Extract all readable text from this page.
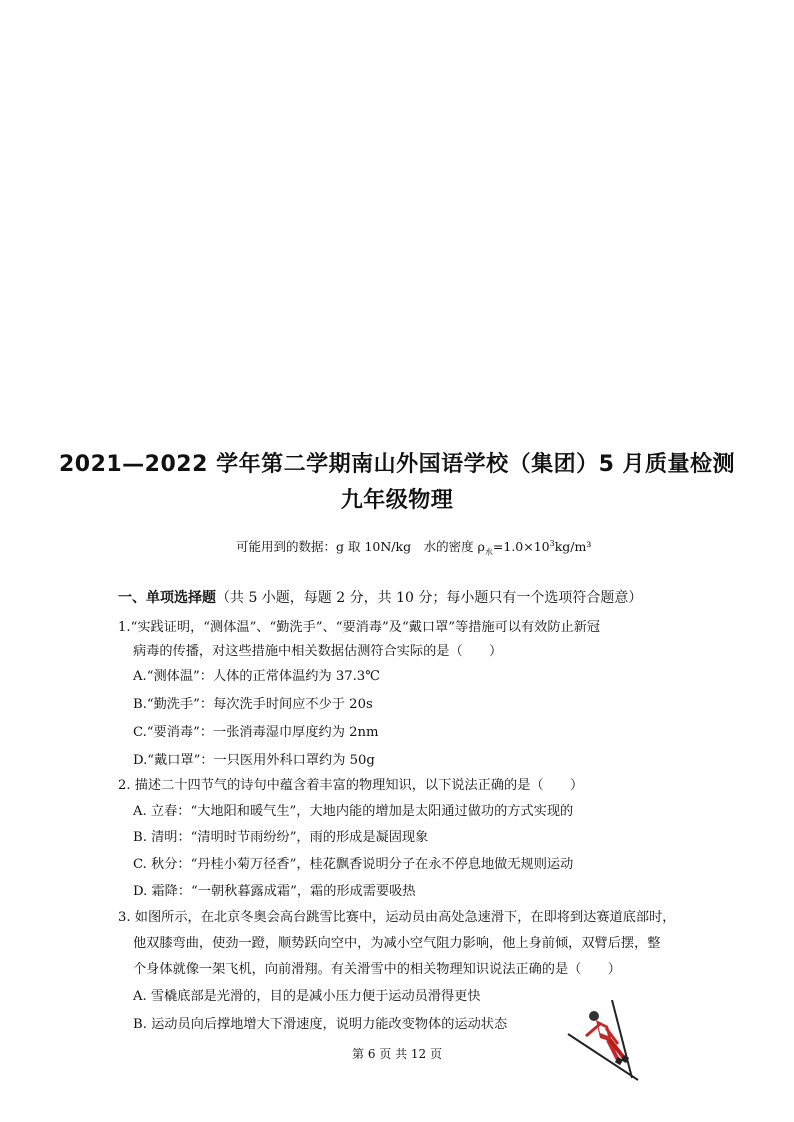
2021—2022 学年第二学期南山外国语学校（集团）5 月质量检测
九年级物理
可能用到的数据：g 取 10N/kg　水的密度 $\rho_水=1.0\times 10^3kg/m^3$
一、单项选择题（共 5 小题，每题 2 分，共 10 分；每小题只有一个选项符合题意）
1.“实践证明，“测体温”、“勤洗手”、“要消毒”及“戴口罩”等措施可以有效防止新冠
病毒的传播，对这些措施中相关数据估测符合实际的是（　　）
A.“测体温”：人体的正常体温约为 37.3℃
B.“勤洗手”：每次洗手时间应不少于 20s
C.“要消毒”：一张消毒湿巾厚度约为 2nm
D.“戴口罩”：一只医用外科口罩约为 50g
2. 描述二十四节气的诗句中蕴含着丰富的物理知识，以下说法正确的是（　　）
A. 立春：“大地阳和暖气生”，大地内能的增加是太阳通过做功的方式实现的
B. 清明：“清明时节雨纷纷”，雨的形成是凝固现象
C. 秋分：“丹桂小菊万径香”，桂花飘香说明分子在永不停息地做无规则运动
D. 霜降：“一朝秋暮露成霜”，霜的形成需要吸热
3. 如图所示，在北京冬奥会高台跳雪比赛中，运动员由高处急速滑下，在即将到达赛道底部时，
他双膝弯曲，使劲一蹬，顺势跃向空中，为减小空气阻力影响，他上身前倾，双臂后摆，整
个身体就像一架飞机，向前滑翔。有关滑雪中的相关物理知识说法正确的是（　　）
A. 雪橇底部是光滑的，目的是减小压力便于运动员滑得更快
B. 运动员向后撑地增大下滑速度，说明力能改变物体的运动状态
第 6 页 共 12 页
